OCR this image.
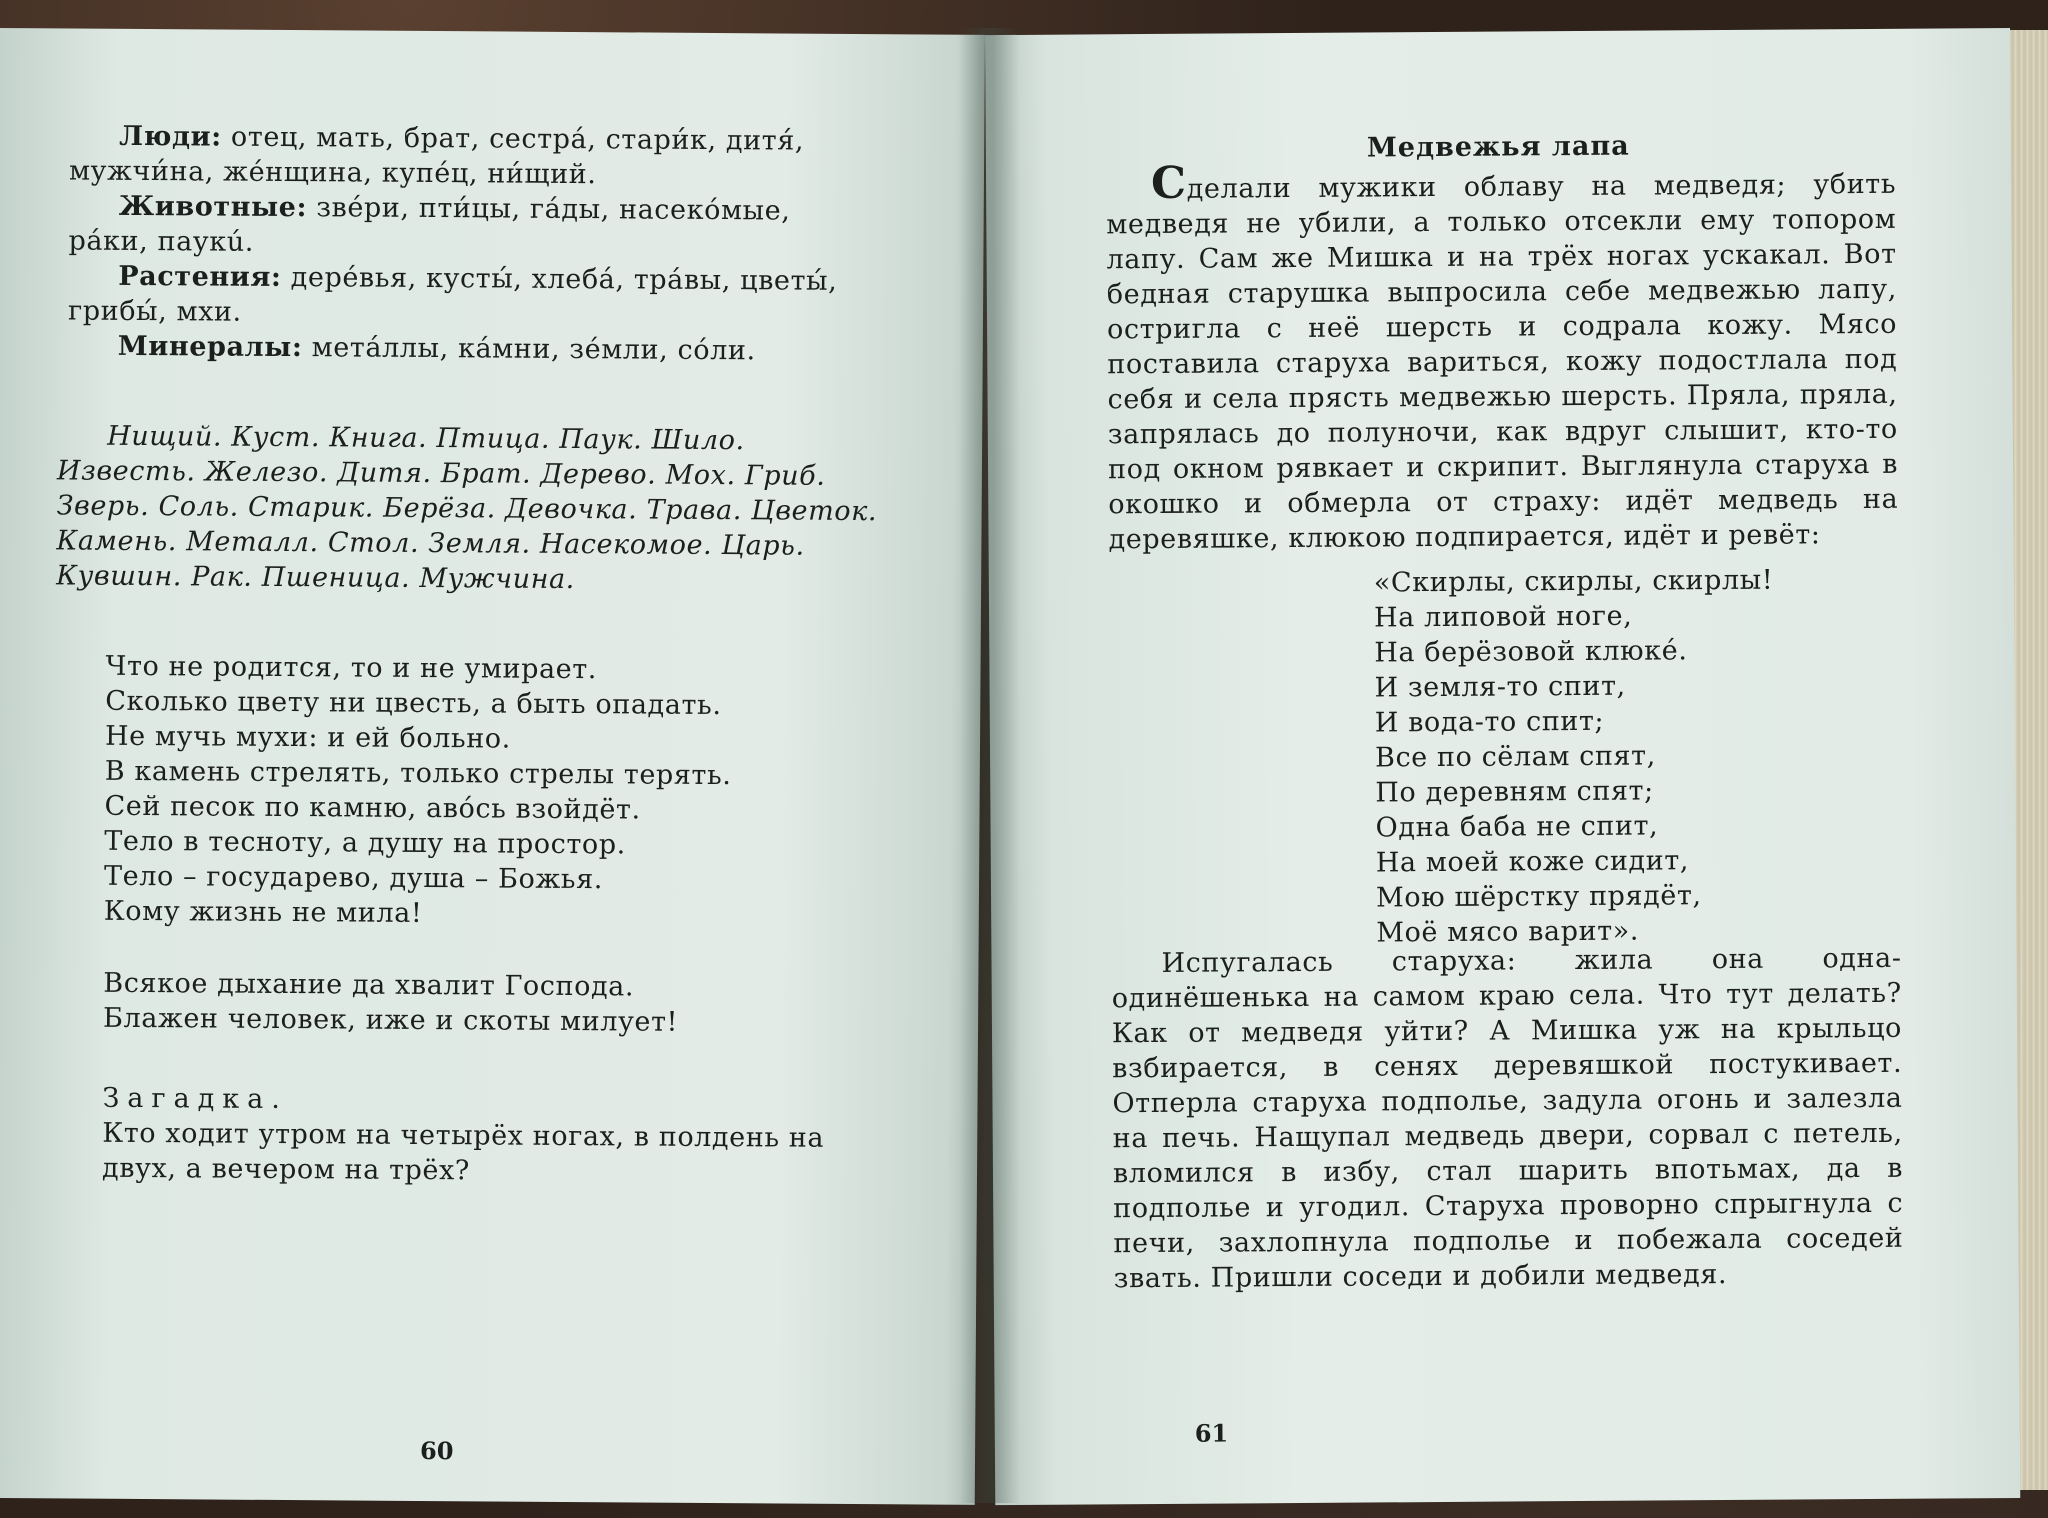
Люди: отец, мать, брат, сестрá, стари́к, дитя́, мужчи́на, жéнщина, купéц, ни́щий.

Животные: звéри, пти́цы, гáды, насекóмые, рáки, паукú.

Растения: дерéвья, кусты́, хлебá, трáвы, цветы́, грибы́, мхи.

Минералы: метáллы, кáмни, зéмли, сóли.

Нищий. Куст. Книга. Птица. Паук. Шило. Известь. Железо. Дитя. Брат. Дерево. Мох. Гриб. Зверь. Соль. Старик. Берёза. Девочка. Трава. Цветок. Камень. Металл. Стол. Земля. Насекомое. Царь. Кувшин. Рак. Пшеница. Мужчина.

Что не родится, то и не умирает.

Сколько цвету ни цвесть, а быть опадать.

Не мучь мухи: и ей больно.

В камень стрелять, только стрелы терять.

Сей песок по камню, авóсь взойдёт.

Тело в тесноту, а душу на простор.

Тело – государево, душа – Божья.

Кому жизнь не мила!

Всякое дыхание да хвалит Господа.

Блажен человек, иже и скоты милует!

Загадка.

Кто ходит утром на четырёх ногах, в полдень на двух, а вечером на трёх?

60
Медвежья лапа

Сделали мужики облаву на медведя; убить медведя не убили, а только отсекли ему топором лапу. Сам же Мишка и на трёх ногах ускакал. Вот бедная старушка выпросила себе медвежью лапу, остригла с неё шерсть и содрала кожу. Мясо поставила старуха вариться, кожу подостлала под себя и села прясть медвежью шерсть. Пряла, пряла, запрялась до полуночи, как вдруг слышит, кто-то под окном рявкает и скрипит. Выглянула старуха в окошко и обмерла от страху: идёт медведь на деревяшке, клюкою подпирается, идёт и ревёт:

«Скирлы, скирлы, скирлы!

На липовой ноге,

На берёзовой клюкé.

И земля-то спит,

И вода-то спит;

Все по сёлам спят,

По деревням спят;

Одна баба не спит,

На моей коже сидит,

Мою шёрстку прядёт,

Моё мясо варит».

Испугалась старуха: жила она одна-одинёшенька на самом краю села. Что тут делать? Как от медведя уйти? А Мишка уж на крыльцо взбирается, в сенях деревяшкой постукивает. Отперла старуха подполье, задула огонь и залезла на печь. Нащупал медведь двери, сорвал с петель, вломился в избу, стал шарить впотьмах, да в подполье и угодил. Старуха проворно спрыгнула с печи, захлопнула подполье и побежала соседей звать. Пришли соседи и добили медведя.

61
